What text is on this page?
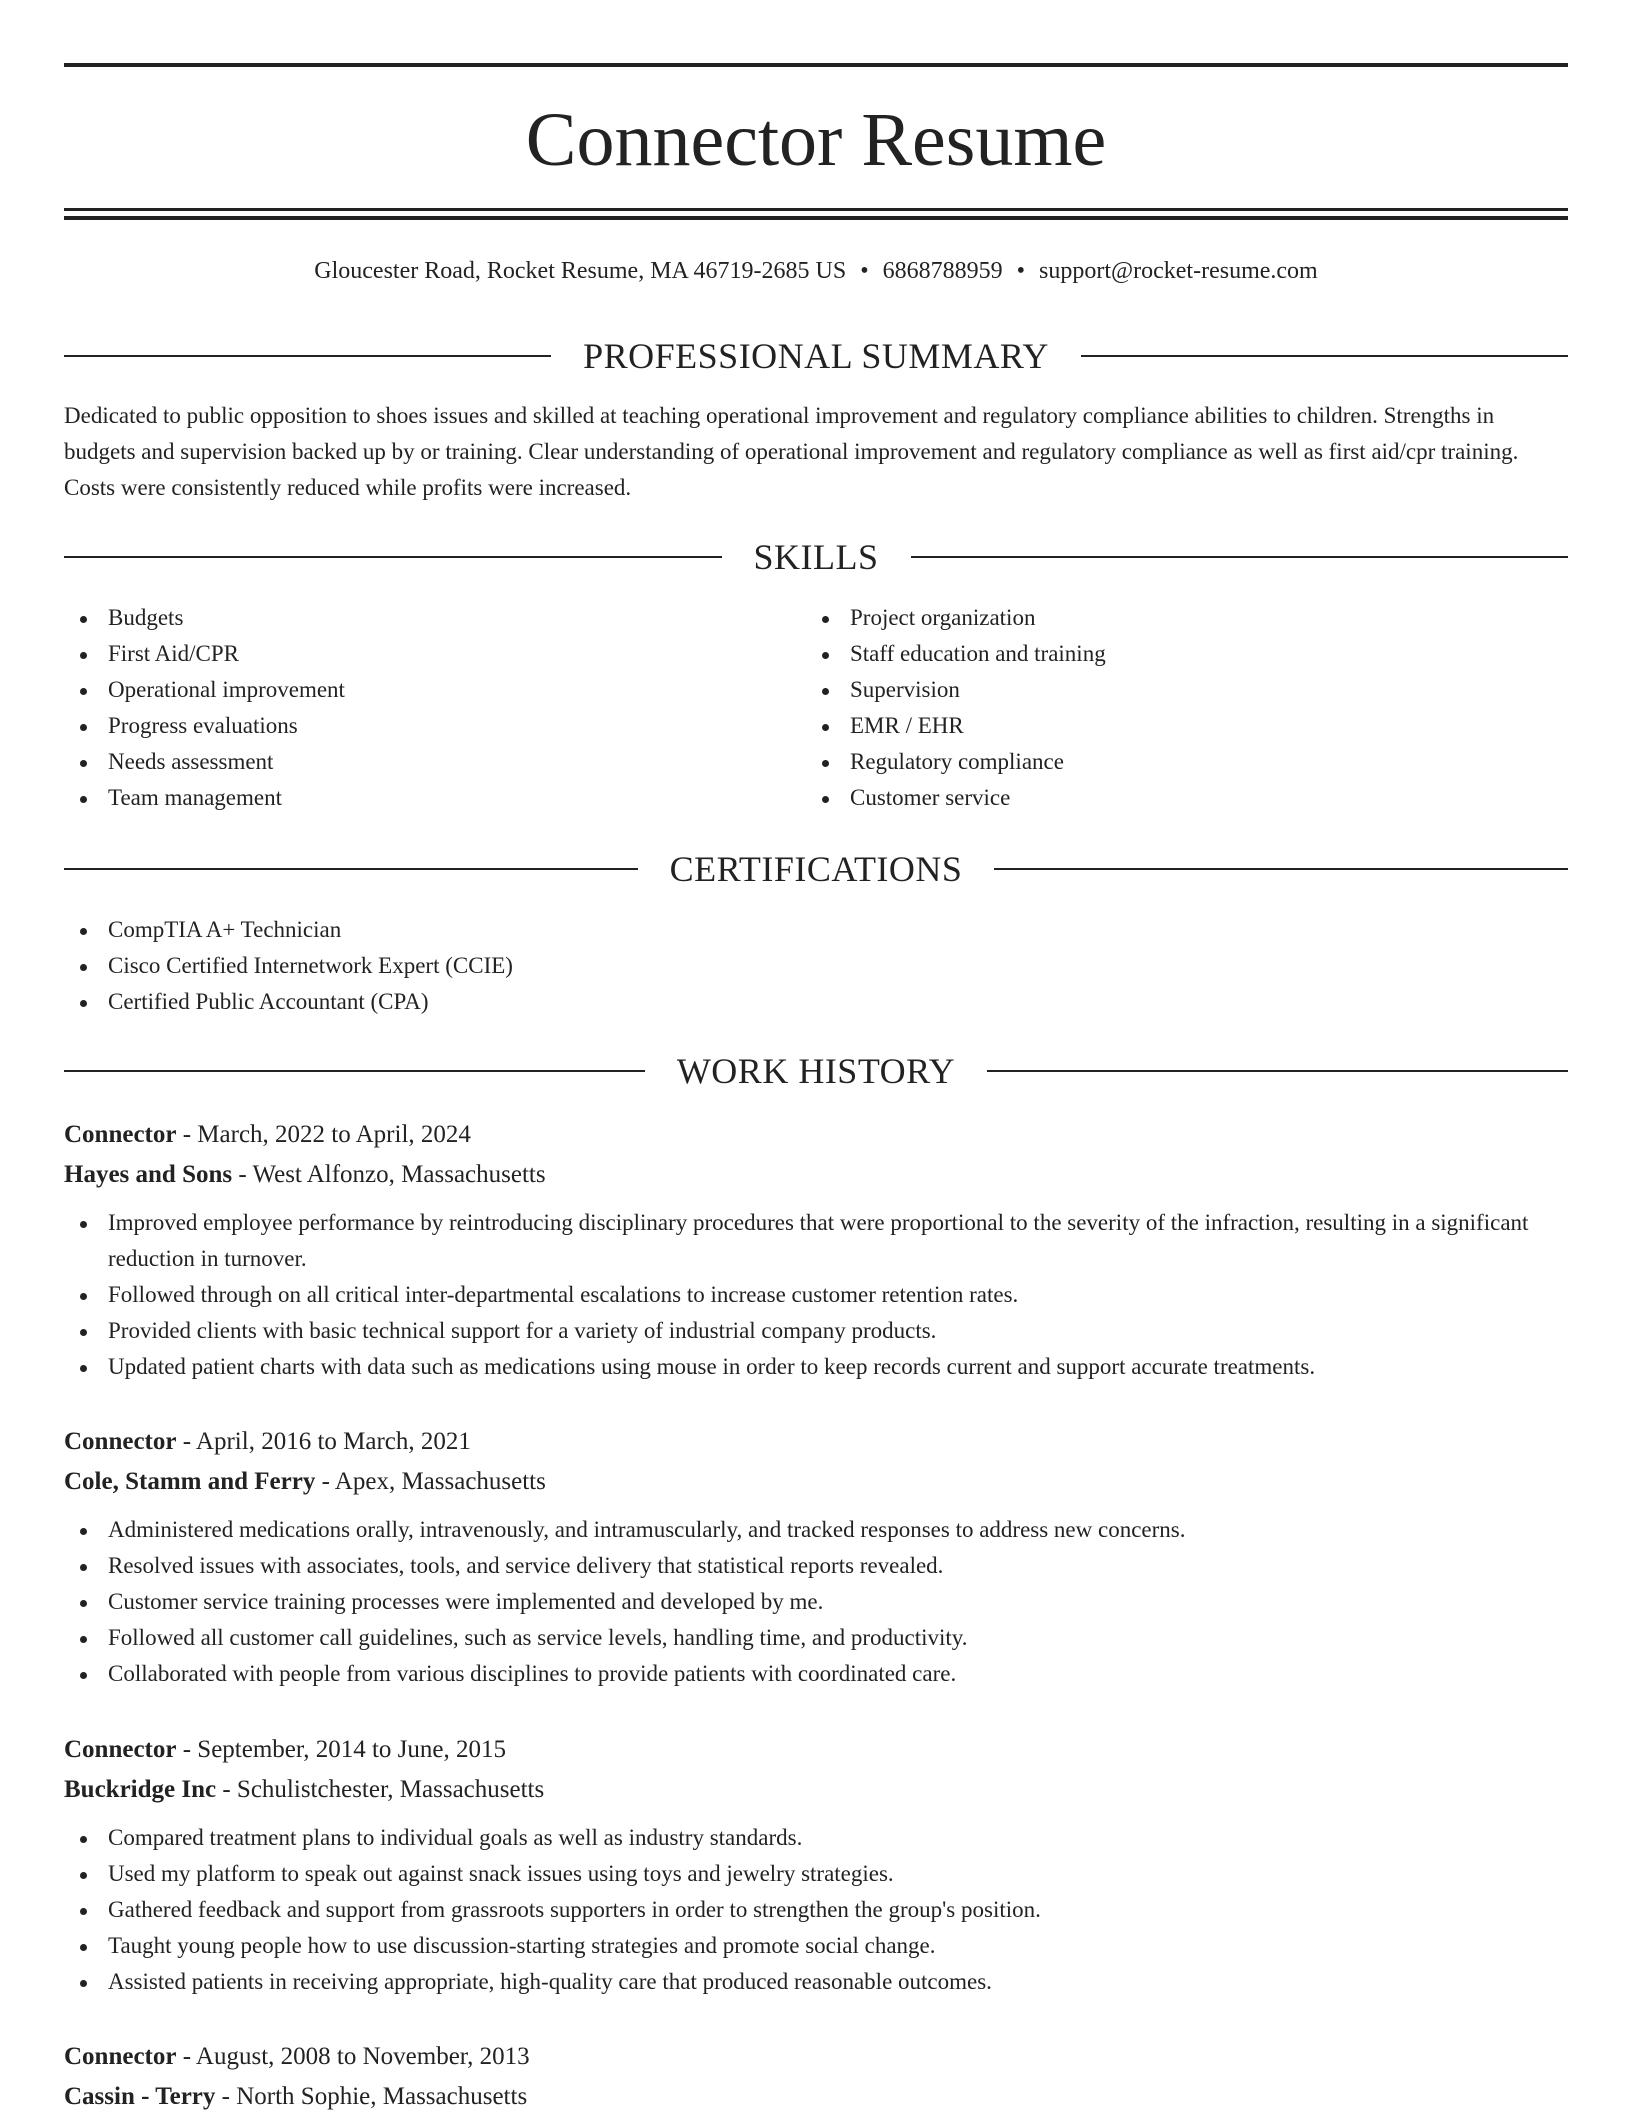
Connector Resume
Gloucester Road, Rocket Resume, MA 46719-2685 US • 6868788959 • support@rocket-resume.com
PROFESSIONAL SUMMARY

Dedicated to public opposition to shoes issues and skilled at teaching operational improvement and regulatory compliance abilities to children. Strengths in budgets and supervision backed up by or training. Clear understanding of operational improvement and regulatory compliance as well as first aid/cpr training. Costs were consistently reduced while profits were increased.

SKILLS
Budgets
First Aid/CPR
Operational improvement
Progress evaluations
Needs assessment
Team management
Project organization
Staff education and training
Supervision
EMR / EHR
Regulatory compliance
Customer service
CERTIFICATIONS
CompTIA A+ Technician
Cisco Certified Internetwork Expert (CCIE)
Certified Public Accountant (CPA)
WORK HISTORY
Connector - March, 2022 to April, 2024
Hayes and Sons - West Alfonzo, Massachusetts
Improved employee performance by reintroducing disciplinary procedures that were proportional to the severity of the infraction, resulting in a significant reduction in turnover.
Followed through on all critical inter-departmental escalations to increase customer retention rates.
Provided clients with basic technical support for a variety of industrial company products.
Updated patient charts with data such as medications using mouse in order to keep records current and support accurate treatments.
Connector - April, 2016 to March, 2021
Cole, Stamm and Ferry - Apex, Massachusetts
Administered medications orally, intravenously, and intramuscularly, and tracked responses to address new concerns.
Resolved issues with associates, tools, and service delivery that statistical reports revealed.
Customer service training processes were implemented and developed by me.
Followed all customer call guidelines, such as service levels, handling time, and productivity.
Collaborated with people from various disciplines to provide patients with coordinated care.
Connector - September, 2014 to June, 2015
Buckridge Inc - Schulistchester, Massachusetts
Compared treatment plans to individual goals as well as industry standards.
Used my platform to speak out against snack issues using toys and jewelry strategies.
Gathered feedback and support from grassroots supporters in order to strengthen the group's position.
Taught young people how to use discussion-starting strategies and promote social change.
Assisted patients in receiving appropriate, high-quality care that produced reasonable outcomes.
Connector - August, 2008 to November, 2013
Cassin - Terry - North Sophie, Massachusetts
